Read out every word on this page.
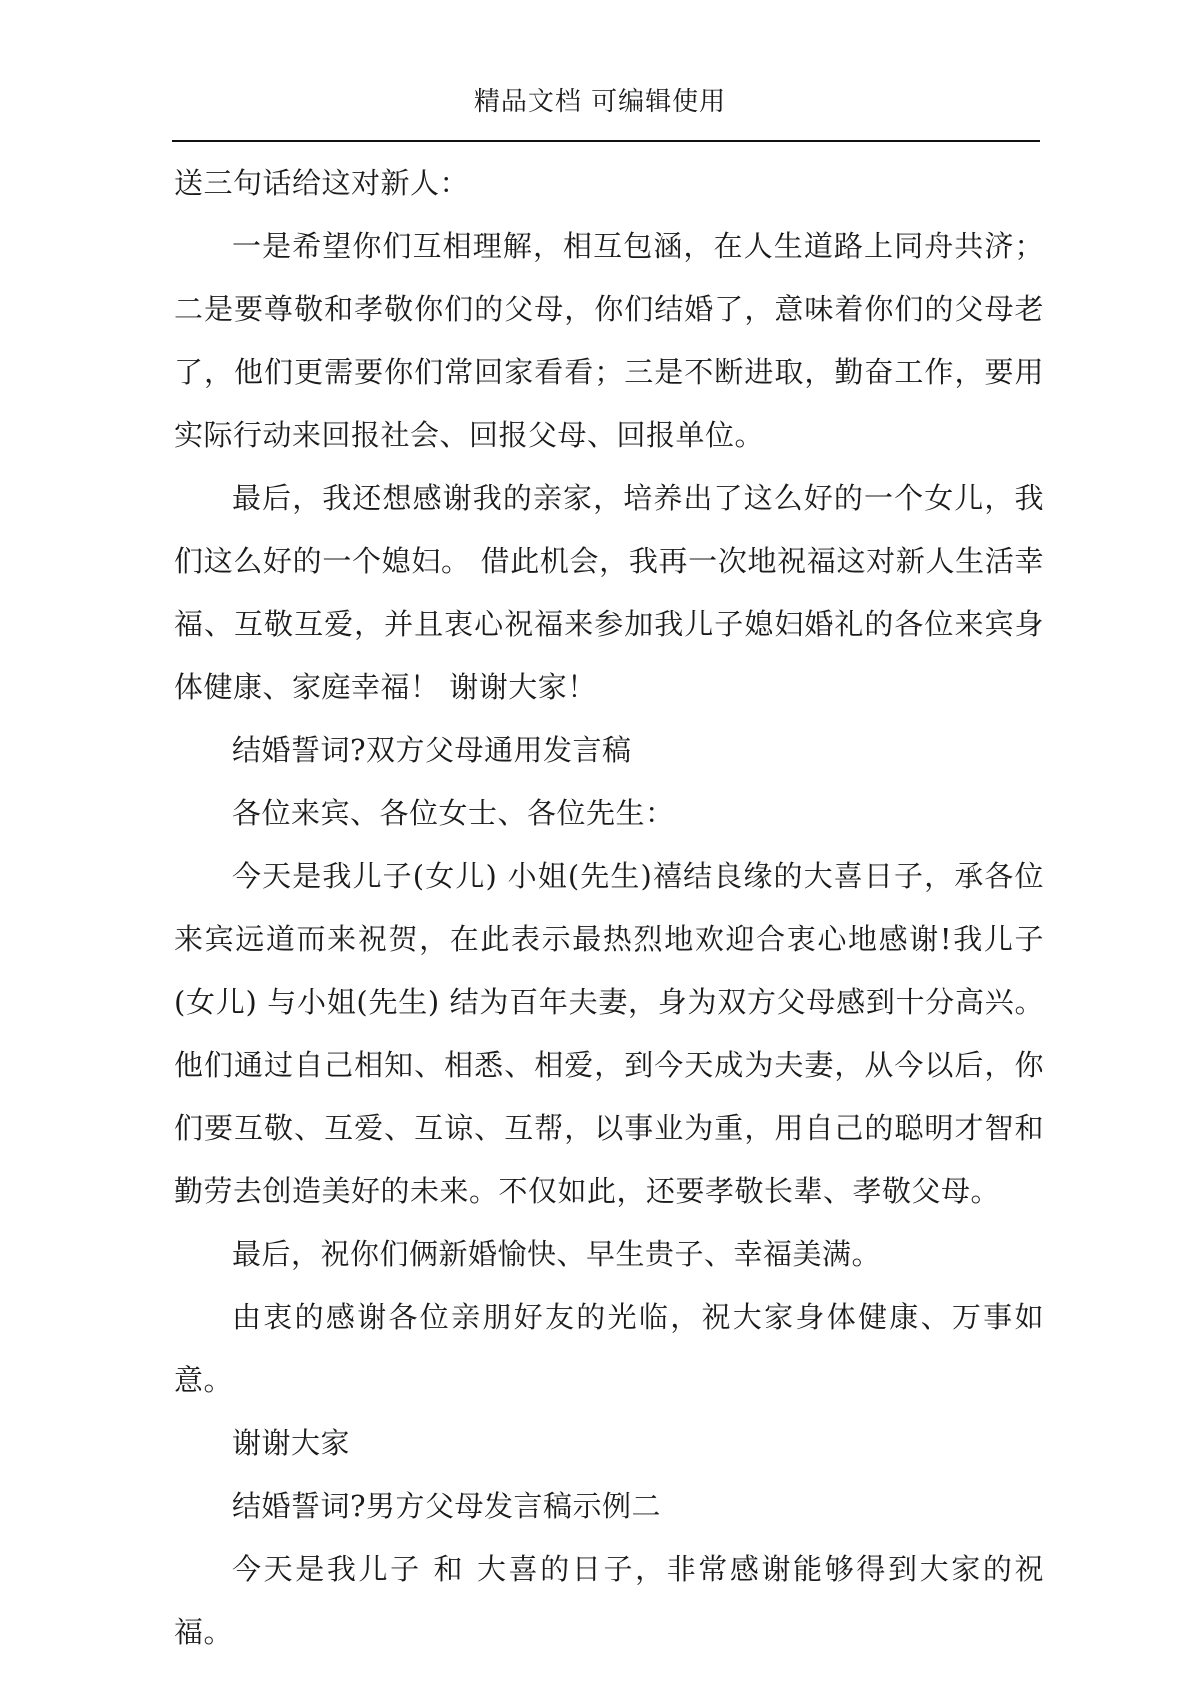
精品文档 可编辑使用

送三句话给这对新人：

一是希望你们互相理解，相互包涵，在人生道路上同舟共济；二是要尊敬和孝敬你们的父母，你们结婚了，意味着你们的父母老了，他们更需要你们常回家看看；三是不断进取，勤奋工作，要用实际行动来回报社会、回报父母、回报单位。

最后，我还想感谢我的亲家，培养出了这么好的一个女儿，我们这么好的一个媳妇。 借此机会，我再一次地祝福这对新人生活幸福、互敬互爱，并且衷心祝福来参加我儿子媳妇婚礼的各位来宾身体健康、家庭幸福！ 谢谢大家！

结婚誓词?双方父母通用发言稿

各位来宾、各位女士、各位先生：

今天是我儿子(女儿) 小姐(先生)禧结良缘的大喜日子，承各位来宾远道而来祝贺，在此表示最热烈地欢迎合衷心地感谢!我儿子(女儿) 与小姐(先生) 结为百年夫妻，身为双方父母感到十分高兴。他们通过自己相知、相悉、相爱，到今天成为夫妻，从今以后，你们要互敬、互爱、互谅、互帮，以事业为重，用自己的聪明才智和勤劳去创造美好的未来。不仅如此，还要孝敬长辈、孝敬父母。

最后，祝你们俩新婚愉快、早生贵子、幸福美满。

由衷的感谢各位亲朋好友的光临，祝大家身体健康、万事如意。

谢谢大家

结婚誓词?男方父母发言稿示例二

今天是我儿子 和 大喜的日子，非常感谢能够得到大家的祝福。
